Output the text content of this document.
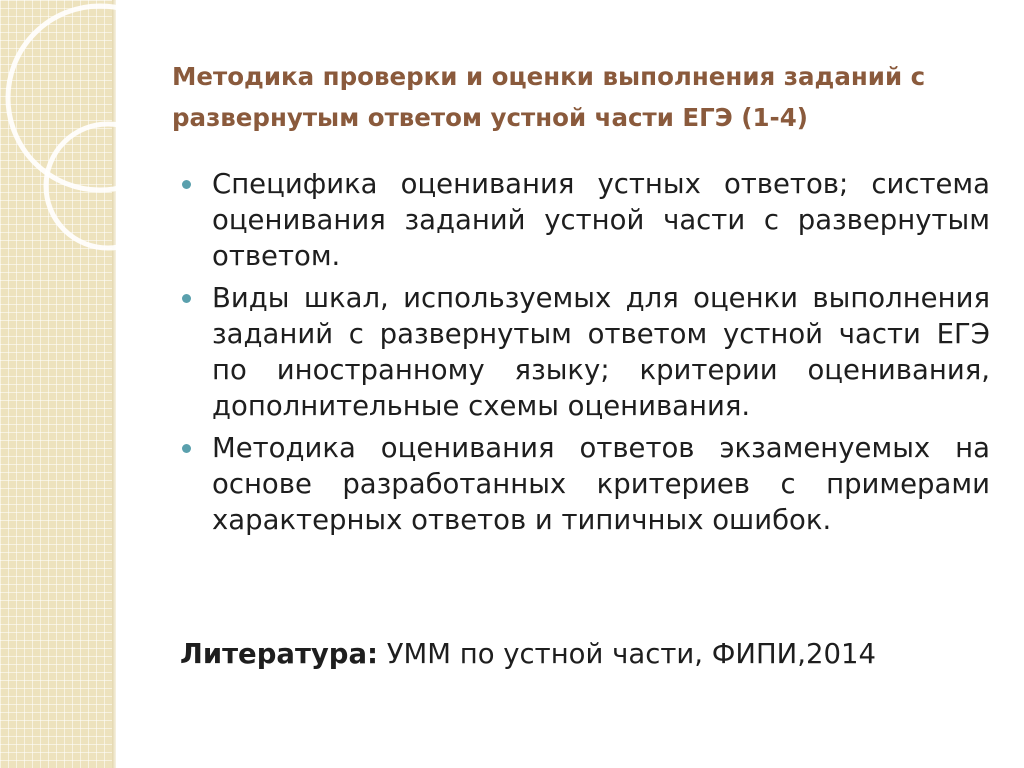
Методика проверки и оценки выполнения заданий с развернутым ответом устной части ЕГЭ (1-4)
Специфика оценивания устных ответов; система оценивания заданий устной части с развернутым ответом.
Виды шкал, используемых для оценки выполнения заданий с развернутым ответом устной части ЕГЭ по иностранному языку; критерии оценивания, дополнительные схемы оценивания.
Методика оценивания ответов экзаменуемых на основе разработанных критериев с примерами характерных ответов и типичных ошибок.

Литература: УММ по устной части, ФИПИ,2014
